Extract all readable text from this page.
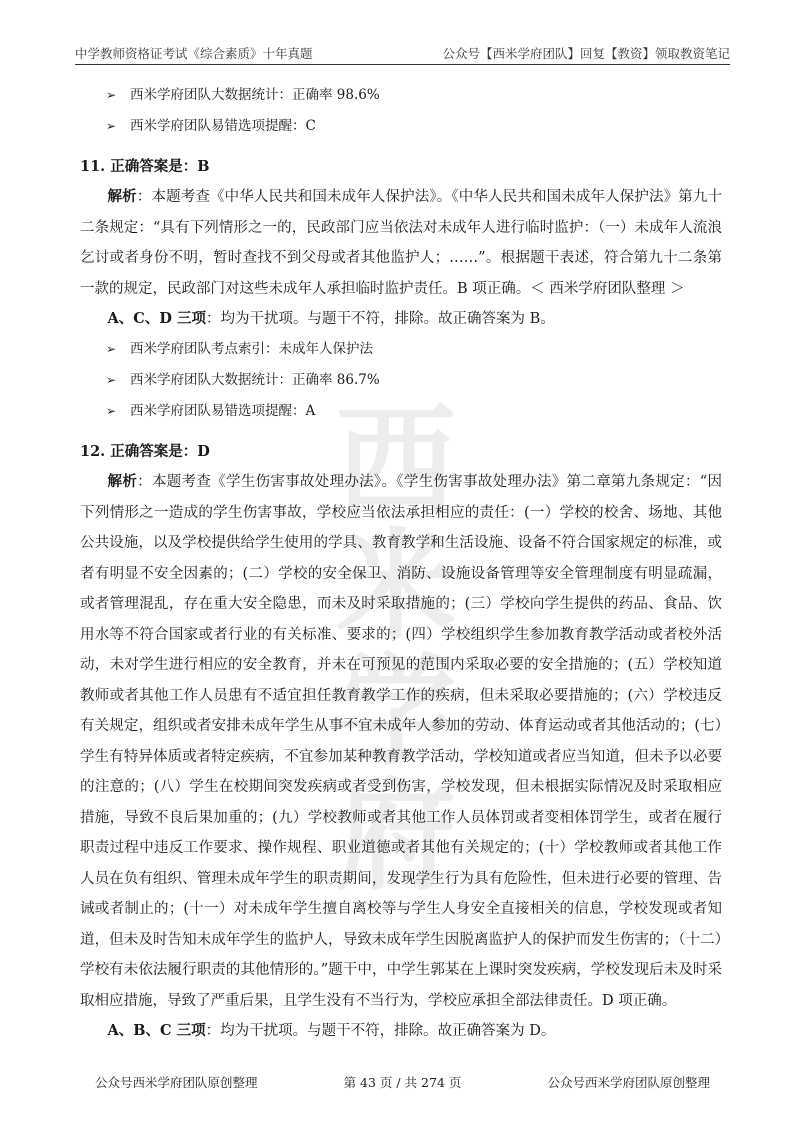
中学教师资格证考试《综合素质》十年真题	公众号【西米学府团队】回复【教资】领取教资笔记
西米学府
➢ 西米学府团队大数据统计：正确率 98.6%
➢ 西米学府团队易错选项提醒：C
11. 正确答案是：B

解析：本题考查《中华人民共和国未成年人保护法》。《中华人民共和国未成年人保护法》第九十二条规定：“具有下列情形之一的，民政部门应当依法对未成年人进行临时监护：（一）未成年人流浪乞讨或者身份不明，暂时查找不到父母或者其他监护人；……”。根据题干表述，符合第九十二条第一款的规定，民政部门对这些未成年人承担临时监护责任。B 项正确。＜ 西米学府团队整理 ＞

A、C、D 三项：均为干扰项。与题干不符，排除。故正确答案为 B。
➢ 西米学府团队考点索引：未成年人保护法
➢ 西米学府团队大数据统计：正确率 86.7%
➢ 西米学府团队易错选项提醒：A
12. 正确答案是：D

解析：本题考查《学生伤害事故处理办法》。《学生伤害事故处理办法》第二章第九条规定：“因下列情形之一造成的学生伤害事故，学校应当依法承担相应的责任：(一）学校的校舍、场地、其他公共设施，以及学校提供给学生使用的学具、教育教学和生活设施、设备不符合国家规定的标准，或者有明显不安全因素的；(二）学校的安全保卫、消防、设施设备管理等安全管理制度有明显疏漏，或者管理混乱，存在重大安全隐患，而未及时采取措施的；(三）学校向学生提供的药品、食品、饮用水等不符合国家或者行业的有关标准、要求的；(四）学校组织学生参加教育教学活动或者校外活动，未对学生进行相应的安全教育，并未在可预见的范围内采取必要的安全措施的；(五）学校知道教师或者其他工作人员患有不适宜担任教育教学工作的疾病，但未采取必要措施的；(六）学校违反有关规定，组织或者安排未成年学生从事不宜未成年人参加的劳动、体育运动或者其他活动的；(七）学生有特异体质或者特定疾病，不宜参加某种教育教学活动，学校知道或者应当知道，但未予以必要的注意的；(八）学生在校期间突发疾病或者受到伤害，学校发现，但未根据实际情况及时采取相应措施，导致不良后果加重的；(九）学校教师或者其他工作人员体罚或者变相体罚学生，或者在履行职责过程中违反工作要求、操作规程、职业道德或者其他有关规定的；(十）学校教师或者其他工作人员在负有组织、管理未成年学生的职责期间，发现学生行为具有危险性，但未进行必要的管理、告诫或者制止的；(十一）对未成年学生擅自离校等与学生人身安全直接相关的信息，学校发现或者知道，但未及时告知未成年学生的监护人，导致未成年学生因脱离监护人的保护而发生伤害的；（十二）学校有未依法履行职责的其他情形的。”题干中，中学生郭某在上课时突发疾病，学校发现后未及时采取相应措施，导致了严重后果，且学生没有不当行为，学校应承担全部法律责任。D 项正确。

A、B、C 三项：均为干扰项。与题干不符，排除。故正确答案为 D。
公众号西米学府团队原创整理	第 43 页 / 共 274 页	公众号西米学府团队原创整理
